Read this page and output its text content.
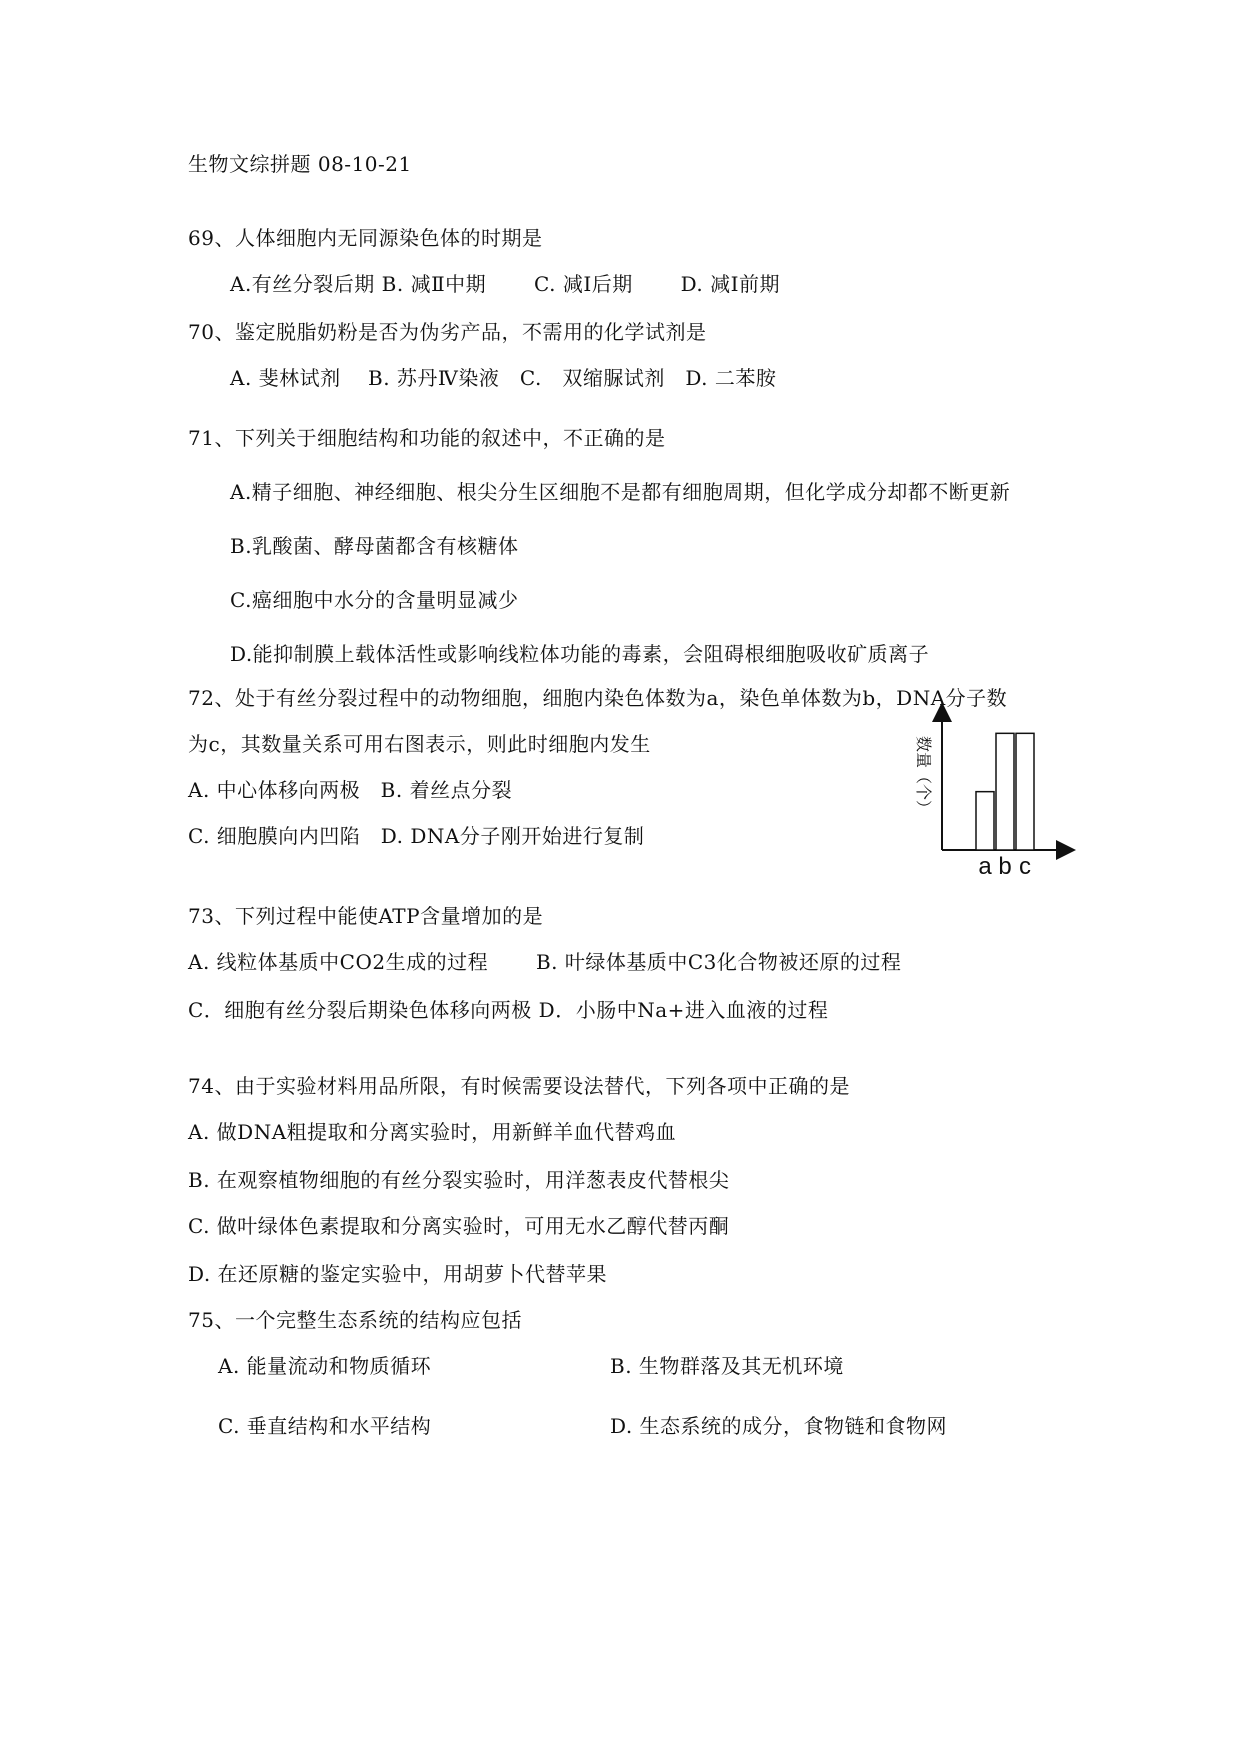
生物文综拼题 08-10-21
69、人体细胞内无同源染色体的时期是
A.有丝分裂后期 B. 减Ⅱ中期　　 C. 减Ⅰ后期　　 D. 减Ⅰ前期
70、鉴定脱脂奶粉是否为伪劣产品，不需用的化学试剂是
A. 斐林试剂　 B. 苏丹Ⅳ染液　C.　双缩脲试剂　D. 二苯胺
71、下列关于细胞结构和功能的叙述中，不正确的是
A.精子细胞、神经细胞、根尖分生区细胞不是都有细胞周期，但化学成分却都不断更新
B.乳酸菌、酵母菌都含有核糖体
C.癌细胞中水分的含量明显减少
D.能抑制膜上载体活性或影响线粒体功能的毒素，会阻碍根细胞吸收矿质离子
72、处于有丝分裂过程中的动物细胞，细胞内染色体数为a，染色单体数为b，DNA分子数
为c，其数量关系可用右图表示，则此时细胞内发生
A. 中心体移向两极　B. 着丝点分裂
C. 细胞膜向内凹陷　D. DNA分子刚开始进行复制
数量（个）
a b c
73、下列过程中能使ATP含量增加的是
A. 线粒体基质中CO2生成的过程　　 B. 叶绿体基质中C3化合物被还原的过程
C．细胞有丝分裂后期染色体移向两极 D．小肠中Na+进入血液的过程
74、由于实验材料用品所限，有时候需要设法替代，下列各项中正确的是
A. 做DNA粗提取和分离实验时，用新鲜羊血代替鸡血
B. 在观察植物细胞的有丝分裂实验时，用洋葱表皮代替根尖
C. 做叶绿体色素提取和分离实验时，可用无水乙醇代替丙酮
D. 在还原糖的鉴定实验中，用胡萝卜代替苹果
75、一个完整生态系统的结构应包括
A. 能量流动和物质循环	B. 生物群落及其无机环境
C. 垂直结构和水平结构	D. 生态系统的成分，食物链和食物网
